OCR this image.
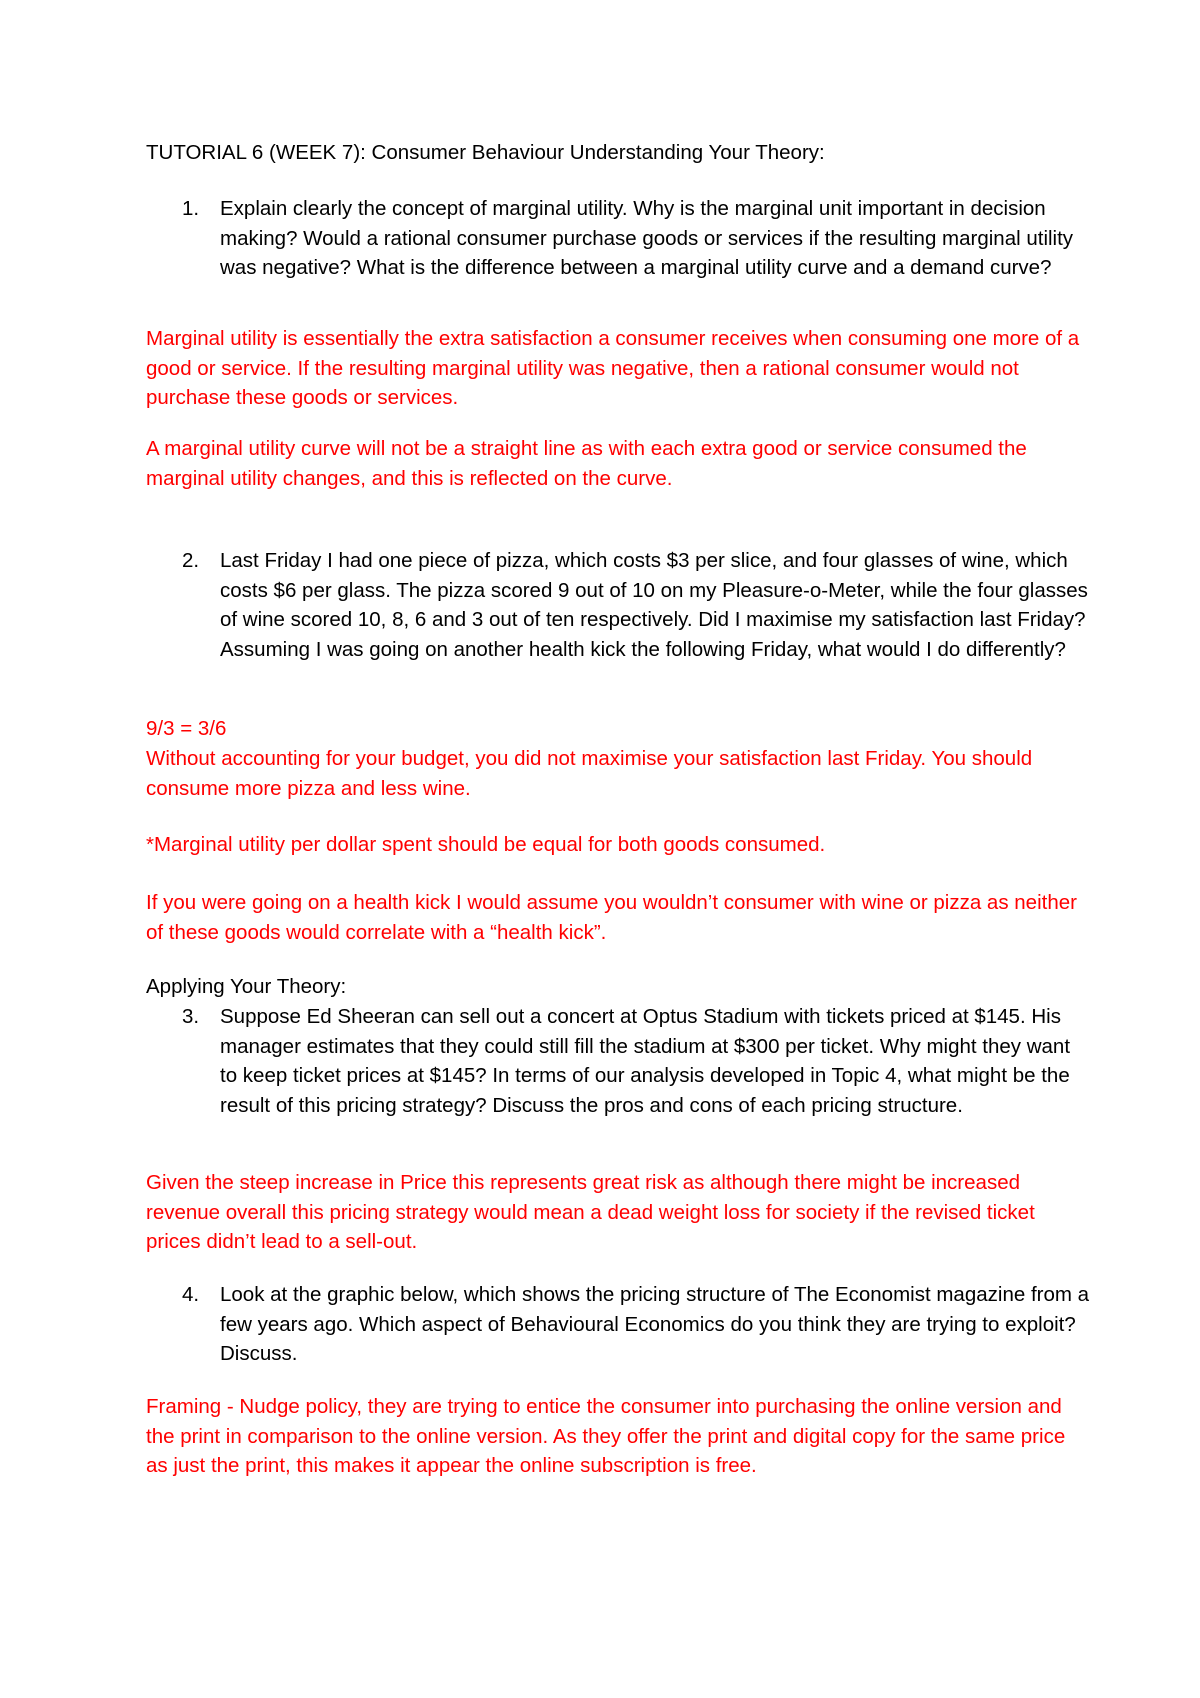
TUTORIAL 6 (WEEK 7): Consumer Behaviour Understanding Your Theory:

1. Explain clearly the concept of marginal utility. Why is the marginal unit important in decision making? Would a rational consumer purchase goods or services if the resulting marginal utility was negative? What is the difference between a marginal utility curve and a demand curve?

Marginal utility is essentially the extra satisfaction a consumer receives when consuming one more of a good or service. If the resulting marginal utility was negative, then a rational consumer would not purchase these goods or services.

A marginal utility curve will not be a straight line as with each extra good or service consumed the marginal utility changes, and this is reflected on the curve.

2. Last Friday I had one piece of pizza, which costs $3 per slice, and four glasses of wine, which costs $6 per glass. The pizza scored 9 out of 10 on my Pleasure-o-Meter, while the four glasses of wine scored 10, 8, 6 and 3 out of ten respectively. Did I maximise my satisfaction last Friday? Assuming I was going on another health kick the following Friday, what would I do differently?

9/3 = 3/6

Without accounting for your budget, you did not maximise your satisfaction last Friday. You should consume more pizza and less wine.

*Marginal utility per dollar spent should be equal for both goods consumed.

If you were going on a health kick I would assume you wouldn’t consumer with wine or pizza as neither of these goods would correlate with a “health kick”.

Applying Your Theory:

3. Suppose Ed Sheeran can sell out a concert at Optus Stadium with tickets priced at $145. His manager estimates that they could still fill the stadium at $300 per ticket. Why might they want to keep ticket prices at $145? In terms of our analysis developed in Topic 4, what might be the result of this pricing strategy? Discuss the pros and cons of each pricing structure.

Given the steep increase in Price this represents great risk as although there might be increased revenue overall this pricing strategy would mean a dead weight loss for society if the revised ticket prices didn’t lead to a sell-out.

4. Look at the graphic below, which shows the pricing structure of The Economist magazine from a few years ago. Which aspect of Behavioural Economics do you think they are trying to exploit? Discuss.

Framing - Nudge policy, they are trying to entice the consumer into purchasing the online version and the print in comparison to the online version. As they offer the print and digital copy for the same price as just the print, this makes it appear the online subscription is free.
